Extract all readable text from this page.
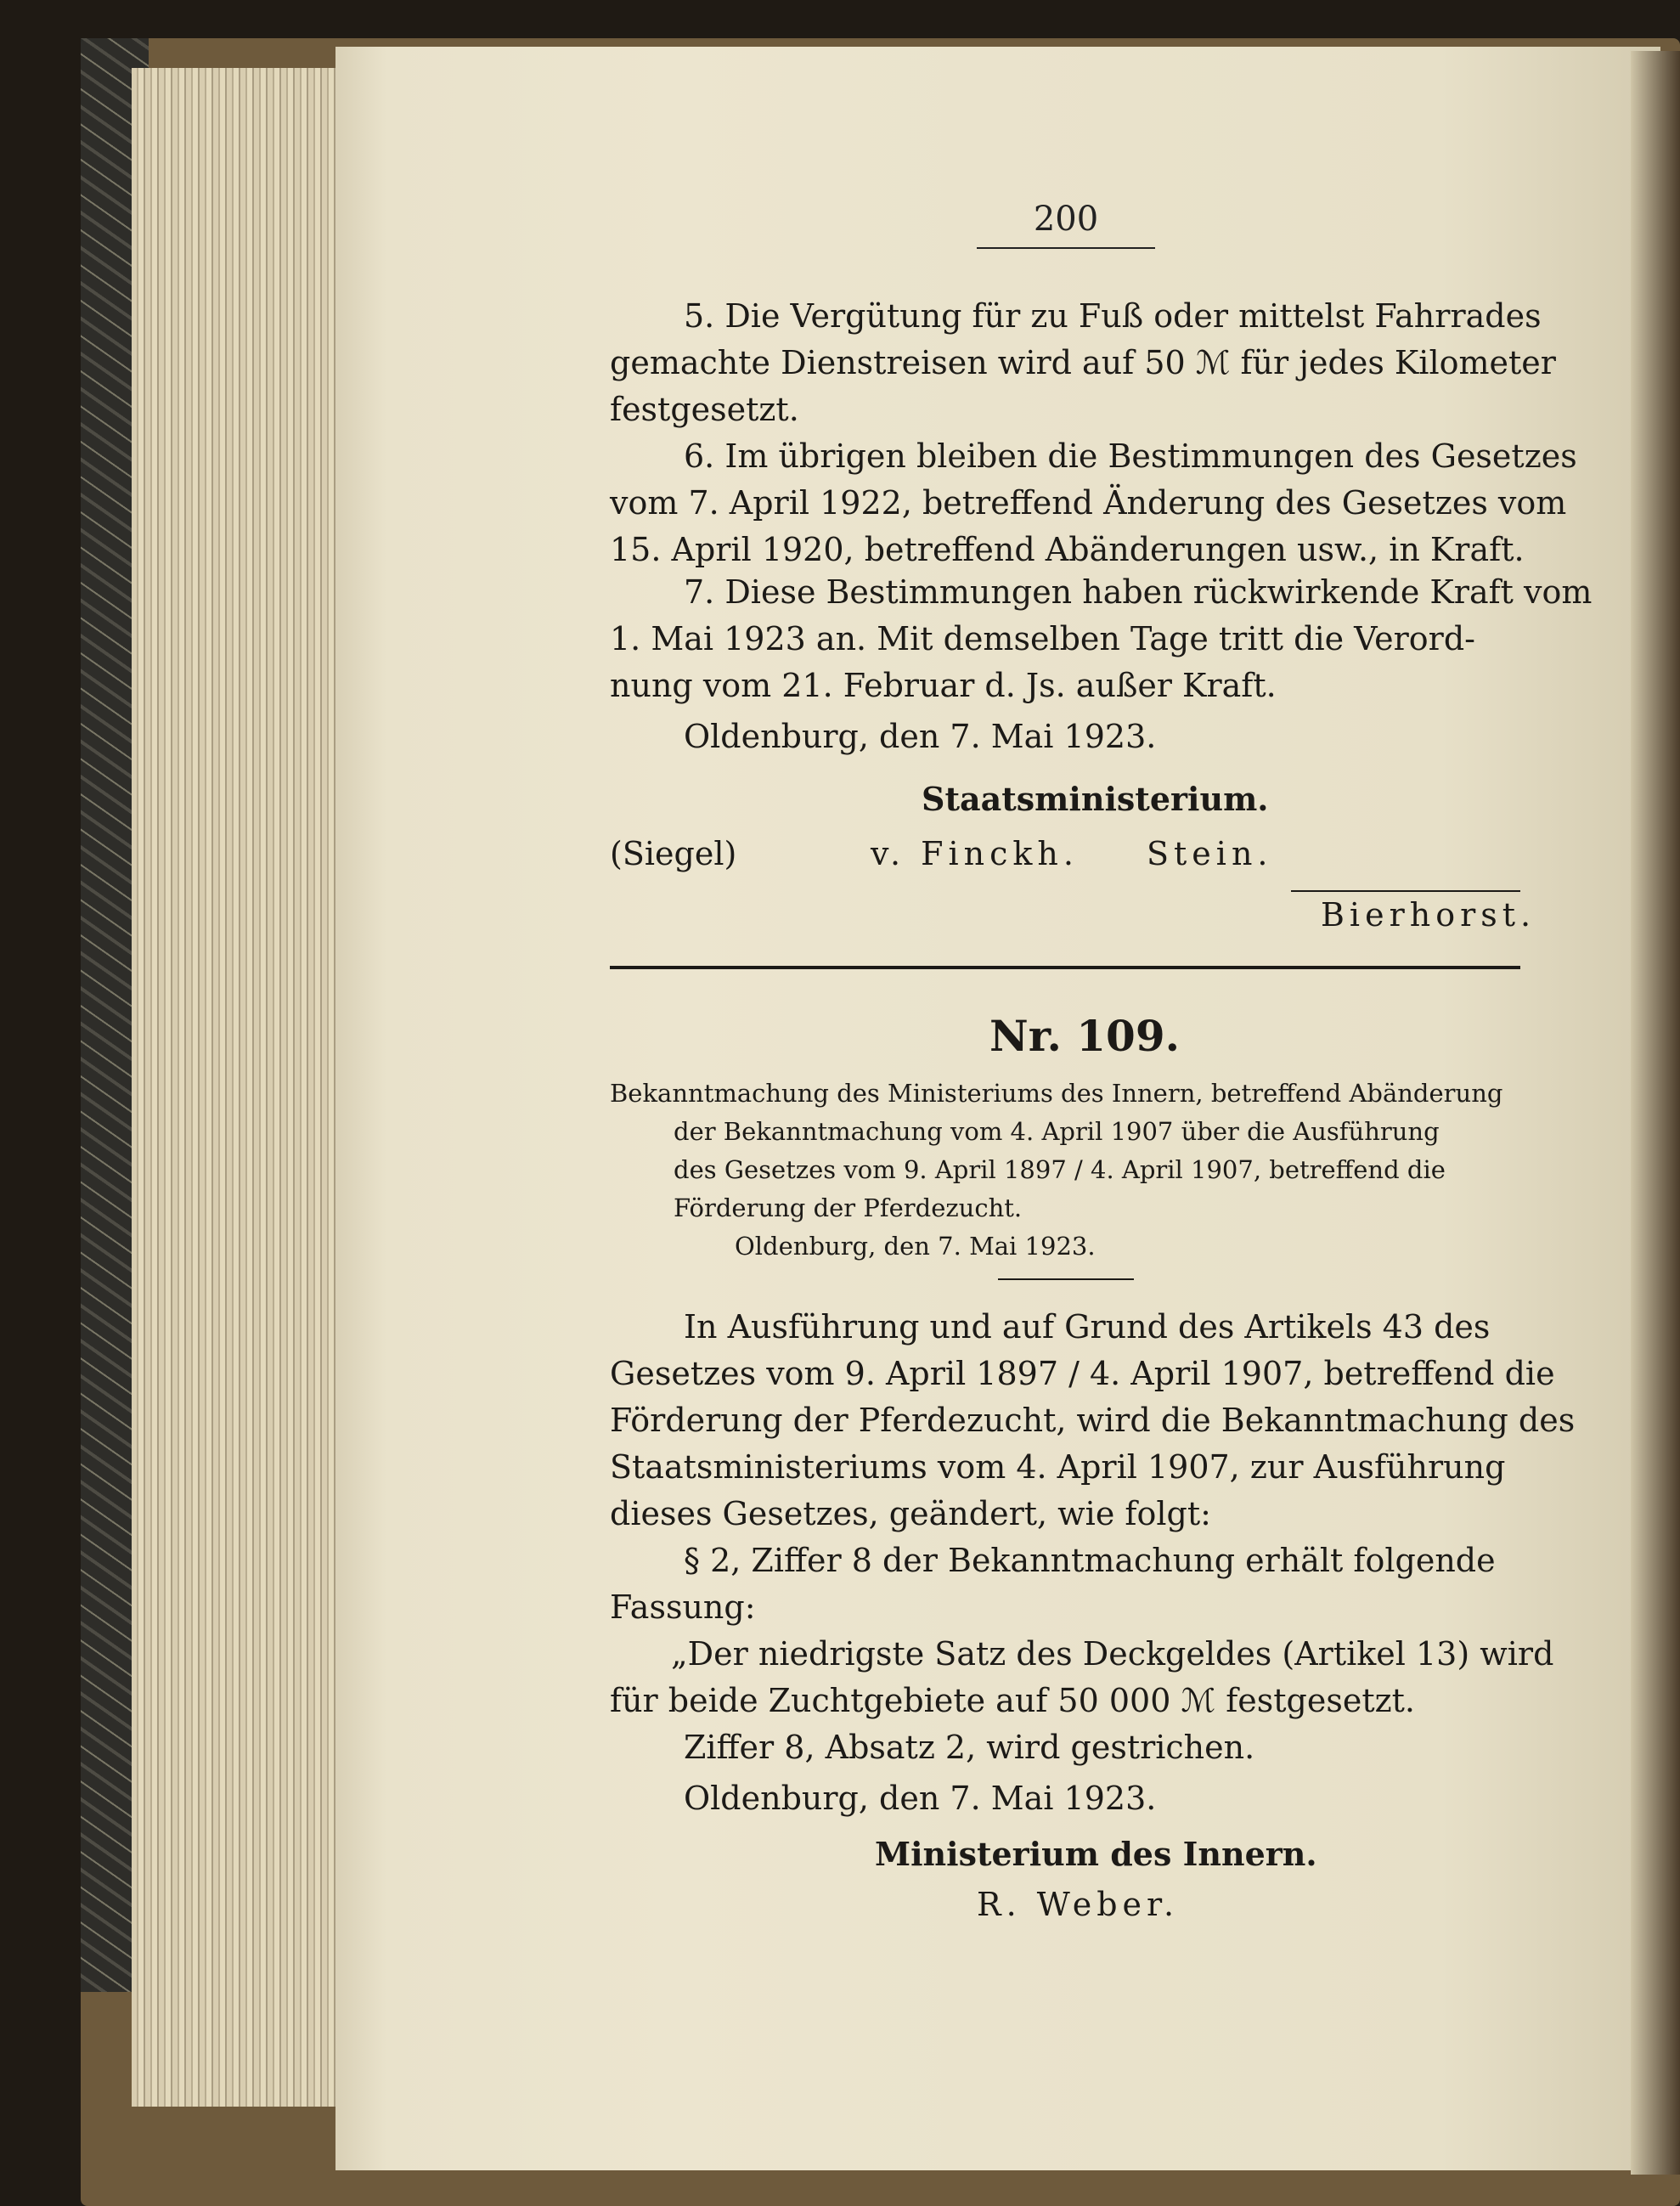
200
5. Die Vergütung für zu Fuß oder mittelst Fahrrades
gemachte Dienstreisen wird auf 50 ℳ für jedes Kilometer
festgesetzt.
6. Im übrigen bleiben die Bestimmungen des Gesetzes
vom 7. April 1922, betreffend Änderung des Gesetzes vom
15. April 1920, betreffend Abänderungen usw., in Kraft.
7. Diese Bestimmungen haben rückwirkende Kraft vom
1. Mai 1923 an. Mit demselben Tage tritt die Verord-
nung vom 21. Februar d. Js. außer Kraft.
Oldenburg, den 7. Mai 1923.
Staatsministerium.
(Siegel)	v. Finckh. Stein.
Bierhorst.
Nr. 109.
Bekanntmachung des Ministeriums des Innern, betreffend Abänderung
der Bekanntmachung vom 4. April 1907 über die Ausführung
des Gesetzes vom 9. April 1897 / 4. April 1907, betreffend die
Förderung der Pferdezucht.
Oldenburg, den 7. Mai 1923.
In Ausführung und auf Grund des Artikels 43 des
Gesetzes vom 9. April 1897 / 4. April 1907, betreffend die
Förderung der Pferdezucht, wird die Bekanntmachung des
Staatsministeriums vom 4. April 1907, zur Ausführung
dieses Gesetzes, geändert, wie folgt:
§ 2, Ziffer 8 der Bekanntmachung erhält folgende
Fassung:
„Der niedrigste Satz des Deckgeldes (Artikel 13) wird
für beide Zuchtgebiete auf 50 000 ℳ festgesetzt.
Ziffer 8, Absatz 2, wird gestrichen.
Oldenburg, den 7. Mai 1923.
Ministerium des Innern.
R. Weber.
